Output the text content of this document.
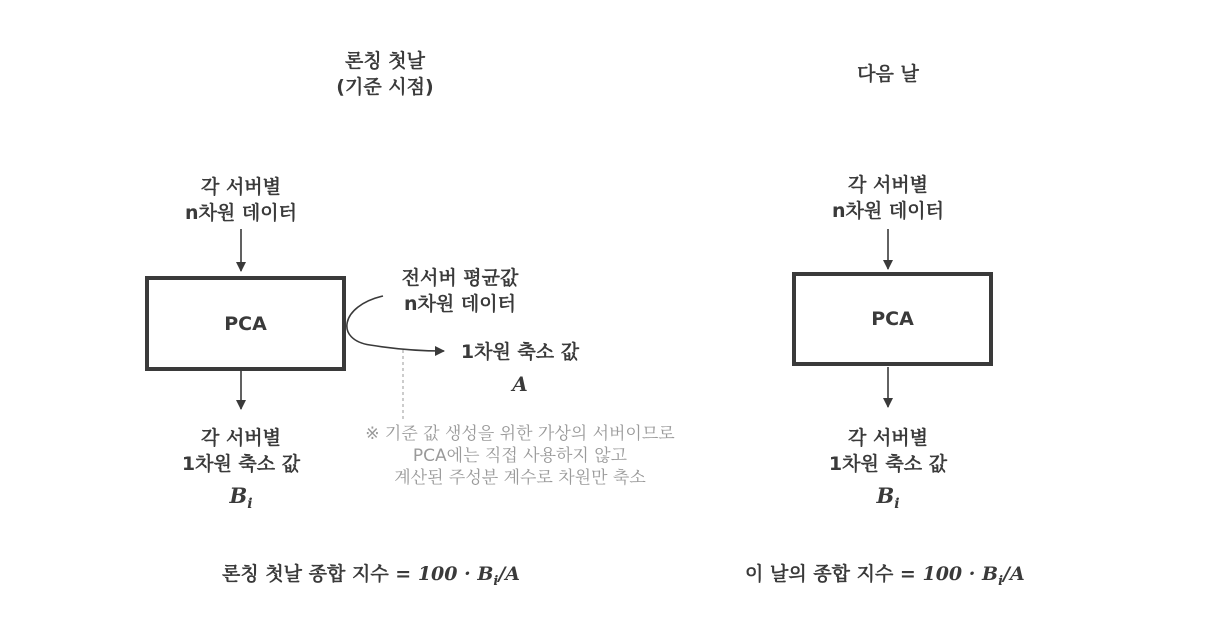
론칭 첫날
(기준 시점)
각 서버별
n차원 데이터
PCA
전서버 평균값
n차원 데이터
1차원 축소 값
A
각 서버별
1차원 축소 값
$B_i$
※ 기준 값 생성을 위한 가상의 서버이므로
PCA에는 직접 사용하지 않고
계산된 주성분 계수로 차원만 축소
론칭 첫날 종합 지수 = $100 \cdot B_i/A$
다음 날
각 서버별
n차원 데이터
PCA
각 서버별
1차원 축소 값
$B_i$
이 날의 종합 지수 = $100 \cdot B_i/A$
